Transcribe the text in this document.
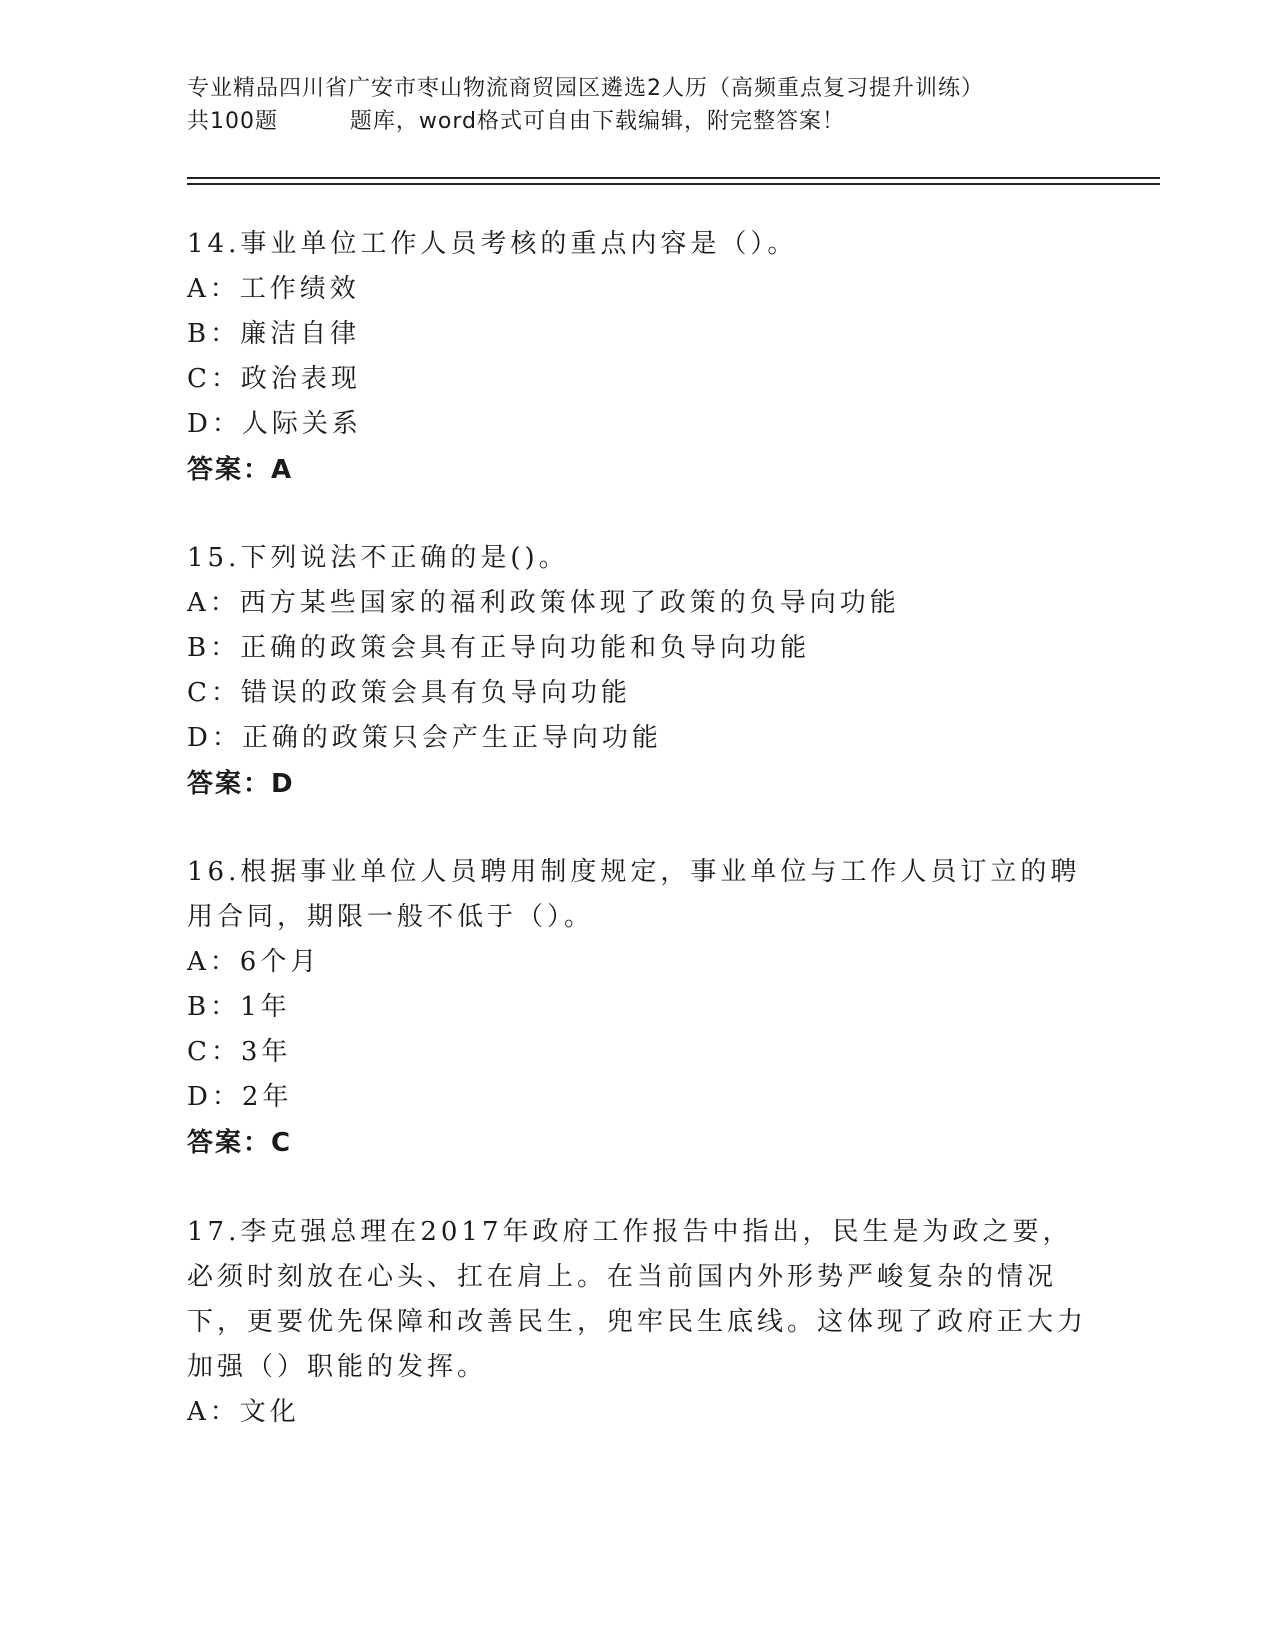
专业精品四川省广安市枣山物流商贸园区遴选2人历（高频重点复习提升训练）
共100题         题库，word格式可自由下载编辑，附完整答案！
14.事业单位工作人员考核的重点内容是（）。
A：工作绩效
B：廉洁自律
C：政治表现
D：人际关系
答案：A
15.下列说法不正确的是()。
A：西方某些国家的福利政策体现了政策的负导向功能
B：正确的政策会具有正导向功能和负导向功能
C：错误的政策会具有负导向功能
D：正确的政策只会产生正导向功能
答案：D
16.根据事业单位人员聘用制度规定，事业单位与工作人员订立的聘用合同，期限一般不低于（）。
A：6个月
B：1年
C：3年
D：2年
答案：C
17.李克强总理在2017年政府工作报告中指出，民生是为政之要，必须时刻放在心头、扛在肩上。在当前国内外形势严峻复杂的情况下，更要优先保障和改善民生，兜牢民生底线。这体现了政府正大力加强（）职能的发挥。
A：文化
